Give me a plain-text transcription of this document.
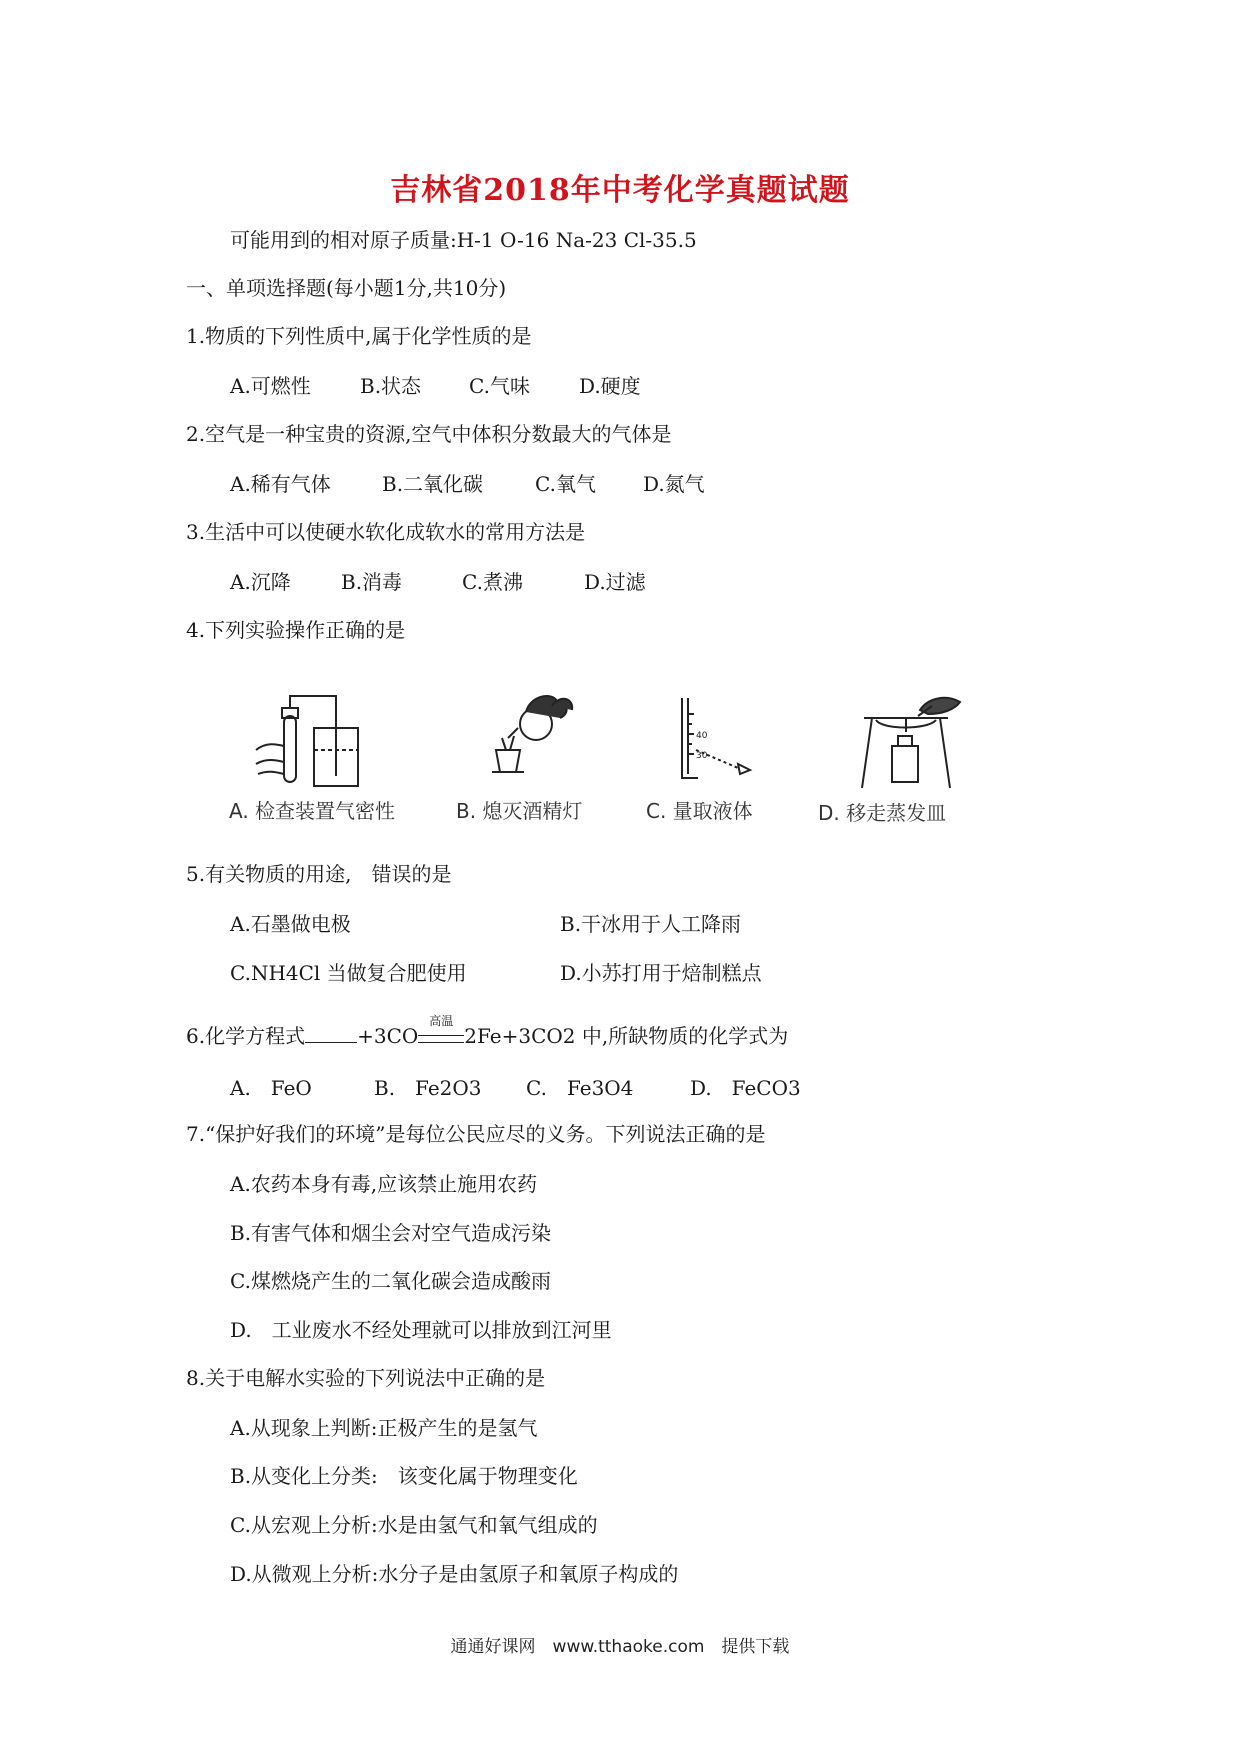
吉林省2018年中考化学真题试题
可能用到的相对原子质量:H-1 O-16 Na-23 Cl-35.5
一、单项选择题(每小题1分,共10分)
1.物质的下列性质中,属于化学性质的是
A.可燃性 B.状态 C.气味 D.硬度
2.空气是一种宝贵的资源,空气中体积分数最大的气体是
A.稀有气体	B.二氧化碳	C.氧气 D.氮气
3.生活中可以使硬水软化成软水的常用方法是
A.沉降	B.消毒	C.煮沸	D.过滤
4.下列实验操作正确的是
A. 检查装置气密性	B. 熄灭酒精灯
40
30
C. 量取液体	D. 移走蒸发皿
5.有关物质的用途,　错误的是
A.石墨做电极	B.干冰用于人工降雨
C.NH4Cl 当做复合肥使用	D.小苏打用于焙制糕点
6.化学方程式	+3CO
高温
2Fe+3CO2 中,所缺物质的化学式为
A.　FeO	B.　Fe2O3 C.　Fe3O4	D.　FeCO3
7.“保护好我们的环境”是每位公民应尽的义务。下列说法正确的是
A.农药本身有毒,应该禁止施用农药
B.有害气体和烟尘会对空气造成污染
C.煤燃烧产生的二氧化碳会造成酸雨
D.　工业废水不经处理就可以排放到江河里
8.关于电解水实验的下列说法中正确的是
A.从现象上判断:正极产生的是氢气
B.从变化上分类:　该变化属于物理变化
C.从宏观上分析:水是由氢气和氧气组成的
D.从微观上分析:水分子是由氢原子和氧原子构成的
通通好课网　www.tthaoke.com　提供下载
